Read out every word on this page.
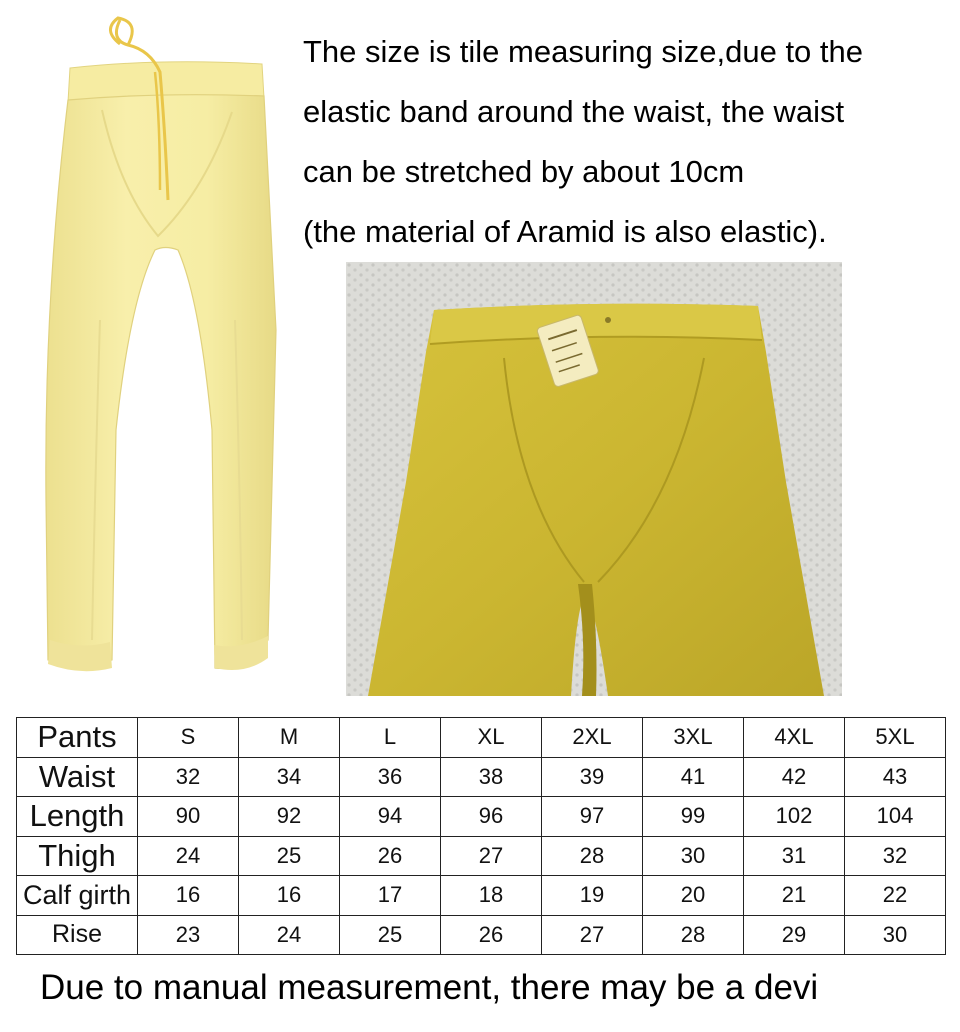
The size is tile measuring size,due to the
elastic band around the waist, the waist
can be stretched by about 10cm
(the material of Aramid is also elastic).
Pants	S	M	L	XL	2XL	3XL	4XL	5XL
Waist	32	34	36	38	39	41	42	43
Length	90	92	94	96	97	99	102	104
Thigh	24	25	26	27	28	30	31	32
Calf girth	16	16	17	18	19	20	21	22
Rise	23	24	25	26	27	28	29	30
Due to manual measurement, there may be a devi
